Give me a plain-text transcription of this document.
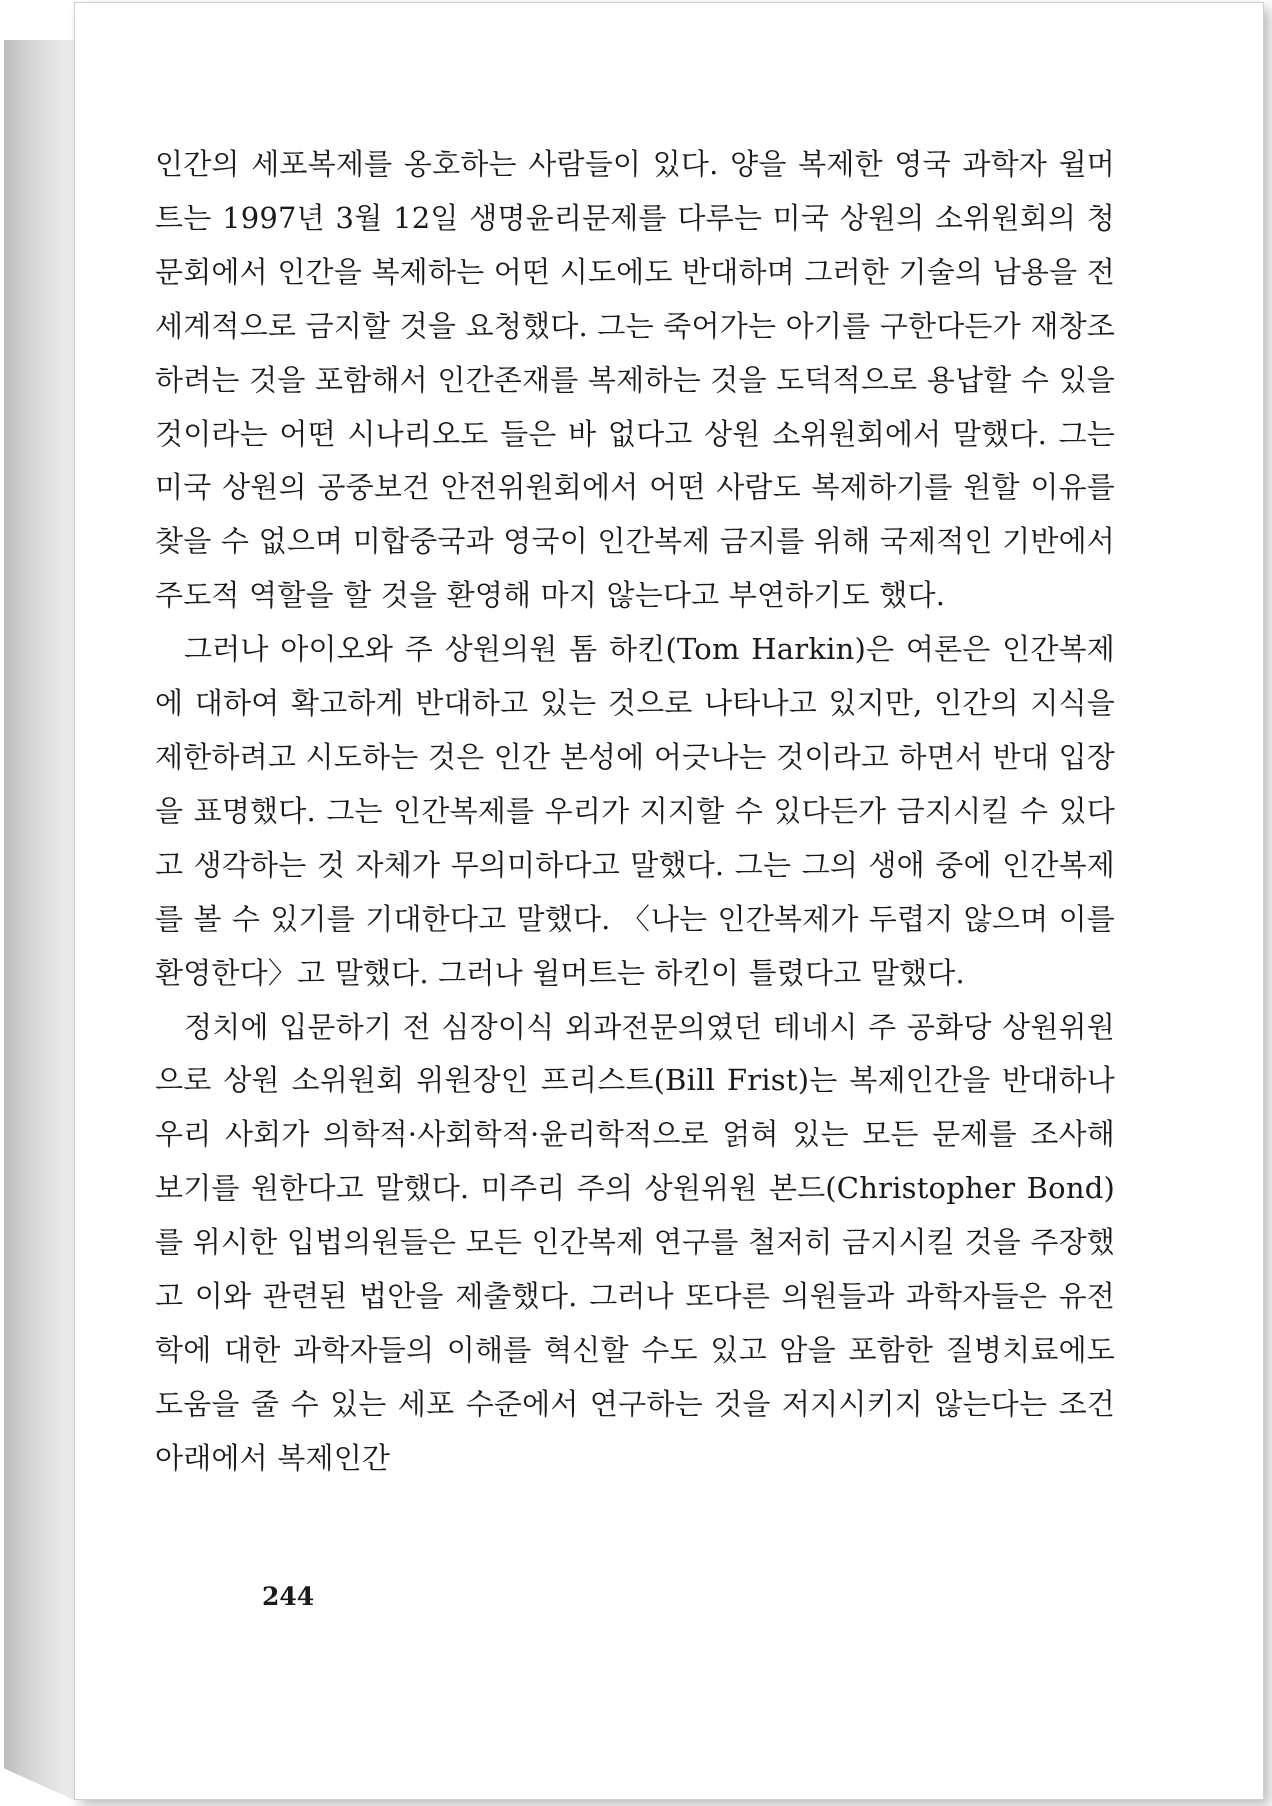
인간의 세포복제를 옹호하는 사람들이 있다. 양을 복제한 영국 과학자 윌머트는 1997년 3월 12일 생명윤리문제를 다루는 미국 상원의 소위원회의 청문회에서 인간을 복제하는 어떤 시도에도 반대하며 그러한 기술의 남용을 전세계적으로 금지할 것을 요청했다. 그는 죽어가는 아기를 구한다든가 재창조하려는 것을 포함해서 인간존재를 복제하는 것을 도덕적으로 용납할 수 있을 것이라는 어떤 시나리오도 들은 바 없다고 상원 소위원회에서 말했다. 그는 미국 상원의 공중보건 안전위원회에서 어떤 사람도 복제하기를 원할 이유를 찾을 수 없으며 미합중국과 영국이 인간복제 금지를 위해 국제적인 기반에서 주도적 역할을 할 것을 환영해 마지 않는다고 부연하기도 했다.

그러나 아이오와 주 상원의원 톰 하킨(Tom Harkin)은 여론은 인간복제에 대하여 확고하게 반대하고 있는 것으로 나타나고 있지만, 인간의 지식을 제한하려고 시도하는 것은 인간 본성에 어긋나는 것이라고 하면서 반대 입장을 표명했다. 그는 인간복제를 우리가 지지할 수 있다든가 금지시킬 수 있다고 생각하는 것 자체가 무의미하다고 말했다. 그는 그의 생애 중에 인간복제를 볼 수 있기를 기대한다고 말했다. 〈나는 인간복제가 두렵지 않으며 이를 환영한다〉고 말했다. 그러나 윌머트는 하킨이 틀렸다고 말했다.

정치에 입문하기 전 심장이식 외과전문의였던 테네시 주 공화당 상원위원으로 상원 소위원회 위원장인 프리스트(Bill Frist)는 복제인간을 반대하나 우리 사회가 의학적·사회학적·윤리학적으로 얽혀 있는 모든 문제를 조사해 보기를 원한다고 말했다. 미주리 주의 상원위원 본드(Christopher Bond)를 위시한 입법의원들은 모든 인간복제 연구를 철저히 금지시킬 것을 주장했고 이와 관련된 법안을 제출했다. 그러나 또다른 의원들과 과학자들은 유전학에 대한 과학자들의 이해를 혁신할 수도 있고 암을 포함한 질병치료에도 도움을 줄 수 있는 세포 수준에서 연구하는 것을 저지시키지 않는다는 조건 아래에서 복제인간

244
